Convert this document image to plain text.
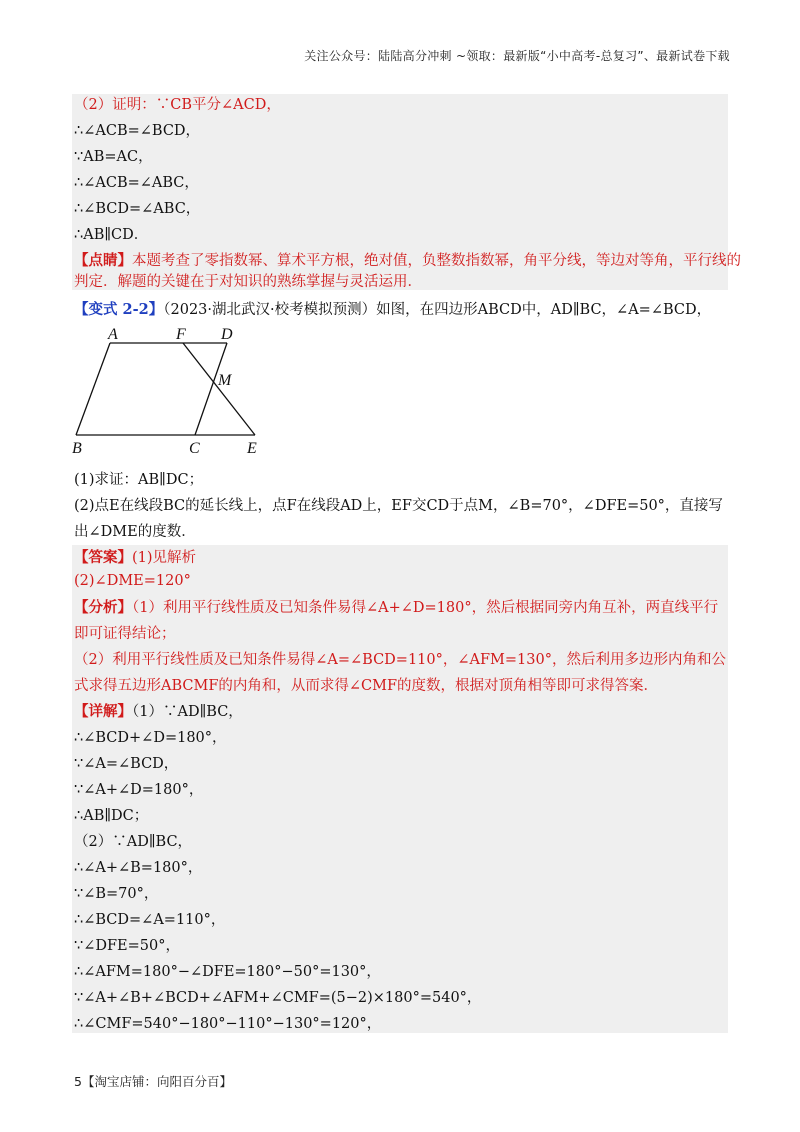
关注公众号：陆陆高分冲刺 ~领取：最新版“小中高考-总复习”、最新试卷下载
（2）证明：∵CB平分∠ACD，
∴∠ACB=∠BCD，
∵AB=AC，
∴∠ACB=∠ABC，
∴∠BCD=∠ABC，
∴AB∥CD．
【点睛】本题考查了零指数幂、算术平方根，绝对值，负整数指数幂，角平分线，等边对等角，平行线的
判定．解题的关键在于对知识的熟练掌握与灵活运用．
【变式 2-2】（2023·湖北武汉·校考模拟预测）如图，在四边形ABCD中，AD∥BC，∠A=∠BCD，
A	F D
M
B	C	E
(1)求证：AB∥DC；
(2)点E在线段BC的延长线上，点F在线段AD上，EF交CD于点M，∠B=70°，∠DFE=50°，直接写
出∠DME的度数．
【答案】(1)见解析
(2)∠DME=120°
【分析】（1）利用平行线性质及已知条件易得∠A+∠D=180°，然后根据同旁内角互补，两直线平行
即可证得结论；
（2）利用平行线性质及已知条件易得∠A=∠BCD=110°，∠AFM=130°，然后利用多边形内角和公
式求得五边形ABCMF的内角和，从而求得∠CMF的度数，根据对顶角相等即可求得答案．
【详解】（1）∵AD∥BC，
∴∠BCD+∠D=180°，
∵∠A=∠BCD，
∵∠A+∠D=180°，
∴AB∥DC；
（2）∵AD∥BC，
∴∠A+∠B=180°，
∵∠B=70°，
∴∠BCD=∠A=110°，
∵∠DFE=50°，
∴∠AFM=180°−∠DFE=180°−50°=130°，
∵∠A+∠B+∠BCD+∠AFM+∠CMF=(5−2)×180°=540°，
∴∠CMF=540°−180°−110°−130°=120°，
5【淘宝店铺：向阳百分百】
